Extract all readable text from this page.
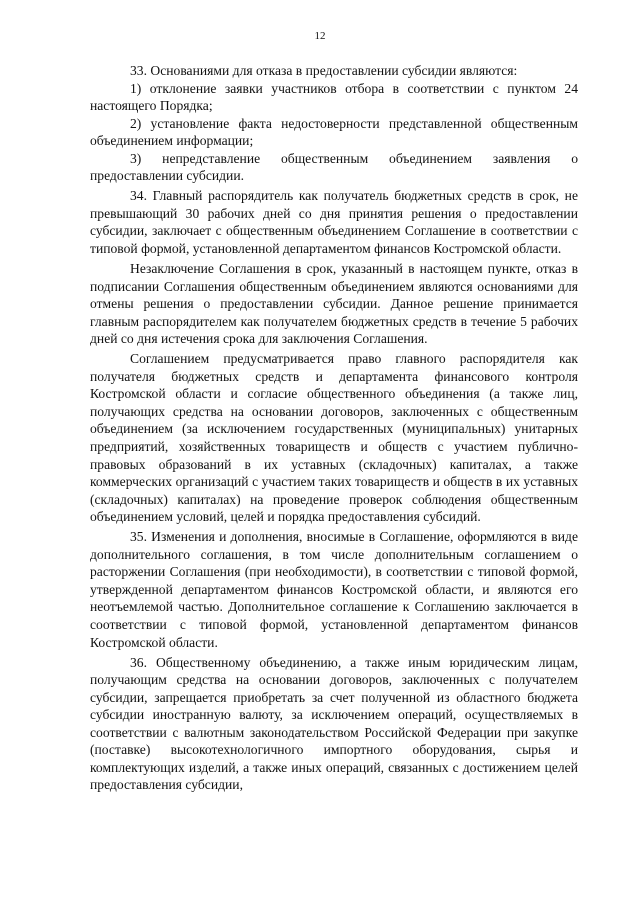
12

33. Основаниями для отказа в предоставлении субсидии являются:

1) отклонение заявки участников отбора в соответствии с пунктом 24 настоящего Порядка;

2) установление факта недостоверности представленной общественным объединением информации;

3) непредставление общественным объединением заявления о предоставлении субсидии.

34. Главный распорядитель как получатель бюджетных средств в срок, не превышающий 30 рабочих дней со дня принятия решения о предоставлении субсидии, заключает с общественным объединением Соглашение в соответствии с типовой формой, установленной департаментом финансов Костромской области.

Незаключение Соглашения в срок, указанный в настоящем пункте, отказ в подписании Соглашения общественным объединением являются основаниями для отмены решения о предоставлении субсидии. Данное решение принимается главным распорядителем как получателем бюджетных средств в течение 5 рабочих дней со дня истечения срока для заключения Соглашения.

Соглашением предусматривается право главного распорядителя как получателя бюджетных средств и департамента финансового контроля Костромской области и согласие общественного объединения (а также лиц, получающих средства на основании договоров, заключенных с общественным объединением (за исключением государственных (муниципальных) унитарных предприятий, хозяйственных товариществ и обществ с участием публично-правовых образований в их уставных (складочных) капиталах, а также коммерческих организаций с участием таких товариществ и обществ в их уставных (складочных) капиталах) на проведение проверок соблюдения общественным объединением условий, целей и порядка предоставления субсидий.

35. Изменения и дополнения, вносимые в Соглашение, оформляются в виде дополнительного соглашения, в том числе дополнительным соглашением о расторжении Соглашения (при необходимости), в соответствии с типовой формой, утвержденной департаментом финансов Костромской области, и являются его неотъемлемой частью. Дополнительное соглашение к Соглашению заключается в соответствии с типовой формой, установленной департаментом финансов Костромской области.

36. Общественному объединению, а также иным юридическим лицам, получающим средства на основании договоров, заключенных с получателем субсидии, запрещается приобретать за счет полученной из областного бюджета субсидии иностранную валюту, за исключением операций, осуществляемых в соответствии с валютным законодательством Российской Федерации при закупке (поставке) высокотехнологичного импортного оборудования, сырья и комплектующих изделий, а также иных операций, связанных с достижением целей предоставления субсидии,
